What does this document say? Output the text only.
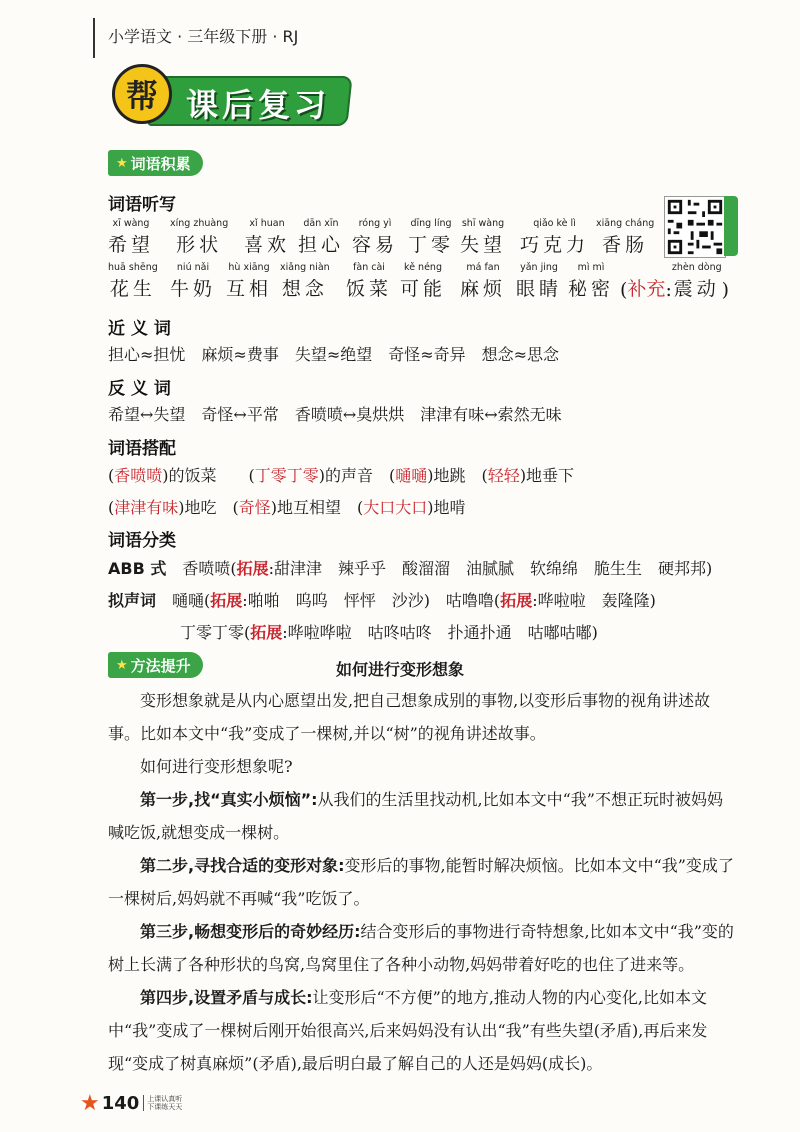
小学语文 · 三年级下册 · RJ
帮 课后复习
★ 词语积累
词语听写
xī wàng
希望
xíng zhuàng
形状
xǐ huan
喜欢
dān xīn
担心
róng yì
容易
dīng líng
丁零
shī wàng
失望
qiǎo kè lì
巧克力
xiāng cháng
香肠
huā shēng
花生
niú nǎi
牛奶
hù xiāng
互相
xiǎng niàn
想念
fàn cài
饭菜
kě néng
可能
má fan
麻烦
yǎn jing
眼睛
mì mì
秘密 ( 补充 :
zhèn dòng
震动 )
近 义 词
担心≈担忧　麻烦≈费事　失望≈绝望　奇怪≈奇异　想念≈思念
反 义 词
希望↔失望　奇怪↔平常　香喷喷↔臭烘烘　津津有味↔索然无味
词语搭配
(香喷喷)的饭菜　　(丁零丁零)的声音　(嗵嗵)地跳　(轻轻)地垂下
(津津有味)地吃　(奇怪)地互相望　(大口大口)地啃
词语分类
ABB 式　 香喷喷(拓展:甜津津　辣乎乎　酸溜溜　油腻腻　软绵绵　脆生生　硬邦邦)
拟声词　 嗵嗵(拓展:啪啪　呜呜　怦怦　沙沙)　咕噜噜(拓展:哗啦啦　轰隆隆)
丁零丁零(拓展:哗啦哗啦　咕咚咕咚　扑通扑通　咕嘟咕嘟)
★ 方法提升	如何进行变形想象

变形想象就是从内心愿望出发,把自己想象成别的事物,以变形后事物的视角讲述故事。比如本文中“我”变成了一棵树,并以“树”的视角讲述故事。

如何进行变形想象呢?

第一步,找“真实小烦恼”:从我们的生活里找动机,比如本文中“我”不想正玩时被妈妈喊吃饭,就想变成一棵树。

第二步,寻找合适的变形对象:变形后的事物,能暂时解决烦恼。比如本文中“我”变成了一棵树后,妈妈就不再喊“我”吃饭了。

第三步,畅想变形后的奇妙经历:结合变形后的事物进行奇特想象,比如本文中“我”变的树上长满了各种形状的鸟窝,鸟窝里住了各种小动物,妈妈带着好吃的也住了进来等。

第四步,设置矛盾与成长:让变形后“不方便”的地方,推动人物的内心变化,比如本文中“我”变成了一棵树后刚开始很高兴,后来妈妈没有认出“我”有些失望(矛盾),再后来发现“变成了树真麻烦”(矛盾),最后明白最了解自己的人还是妈妈(成长)。

★ 140	上课认真听
下课练天天
